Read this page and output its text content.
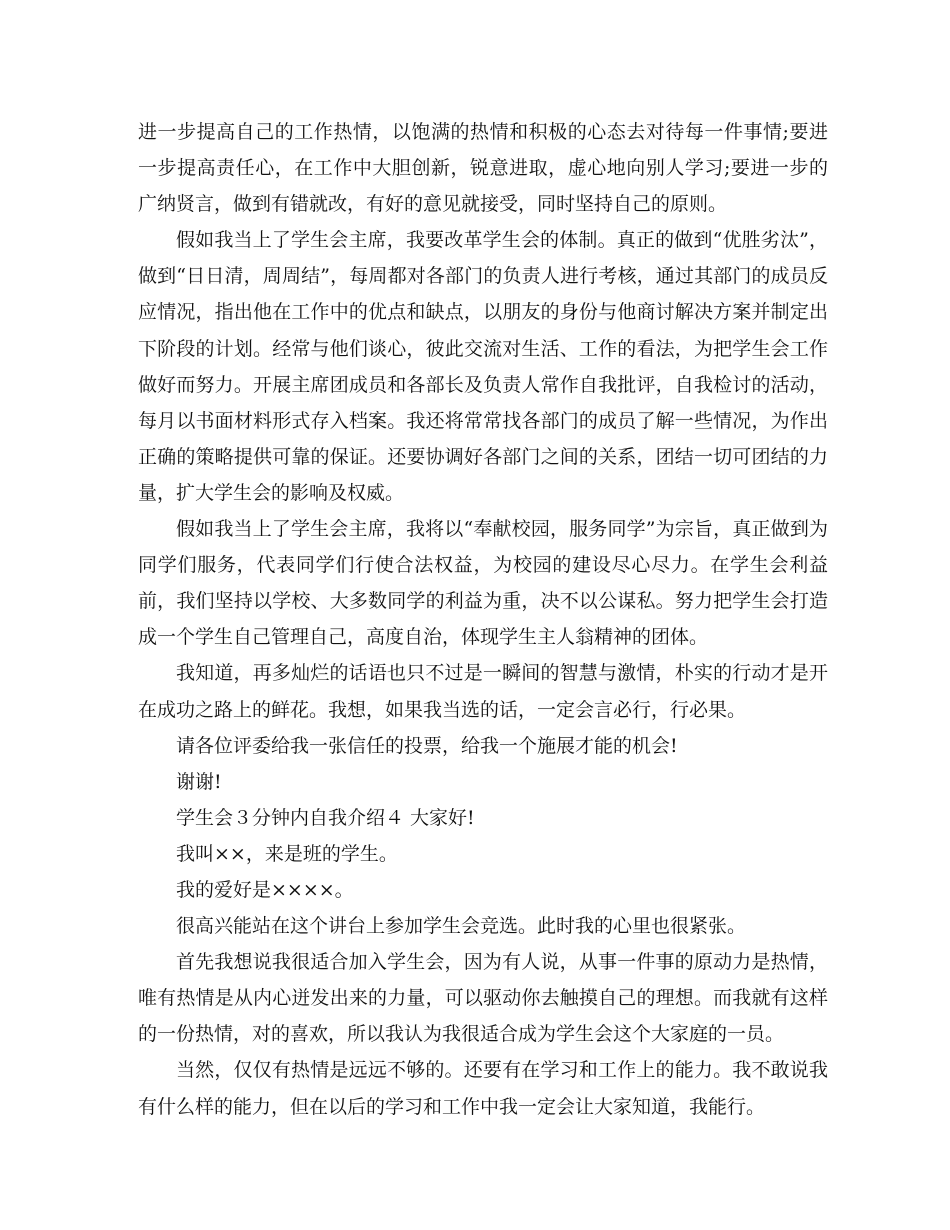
进一步提高自己的工作热情，以饱满的热情和积极的心态去对待每一件事情;要进一步提高责任心，在工作中大胆创新，锐意进取，虚心地向别人学习;要进一步的广纳贤言，做到有错就改，有好的意见就接受，同时坚持自己的原则。

假如我当上了学生会主席，我要改革学生会的体制。真正的做到“优胜劣汰”，做到“日日清，周周结”，每周都对各部门的负责人进行考核，通过其部门的成员反应情况，指出他在工作中的优点和缺点，以朋友的身份与他商讨解决方案并制定出下阶段的计划。经常与他们谈心，彼此交流对生活、工作的看法，为把学生会工作做好而努力。开展主席团成员和各部长及负责人常作自我批评，自我检讨的活动，每月以书面材料形式存入档案。我还将常常找各部门的成员了解一些情况，为作出正确的策略提供可靠的保证。还要协调好各部门之间的关系，团结一切可团结的力量，扩大学生会的影响及权威。

假如我当上了学生会主席，我将以“奉献校园，服务同学”为宗旨，真正做到为同学们服务，代表同学们行使合法权益，为校园的建设尽心尽力。在学生会利益前，我们坚持以学校、大多数同学的利益为重，决不以公谋私。努力把学生会打造成一个学生自己管理自己，高度自治，体现学生主人翁精神的团体。

我知道，再多灿烂的话语也只不过是一瞬间的智慧与激情，朴实的行动才是开在成功之路上的鲜花。我想，如果我当选的话，一定会言必行，行必果。

请各位评委给我一张信任的投票，给我一个施展才能的机会!

谢谢!

学生会３分钟内自我介绍４ 大家好!

我叫××，来是班的学生。

我的爱好是××××。

很高兴能站在这个讲台上参加学生会竞选。此时我的心里也很紧张。

首先我想说我很适合加入学生会，因为有人说，从事一件事的原动力是热情，唯有热情是从内心迸发出来的力量，可以驱动你去触摸自己的理想。而我就有这样的一份热情，对的喜欢，所以我认为我很适合成为学生会这个大家庭的一员。

当然，仅仅有热情是远远不够的。还要有在学习和工作上的能力。我不敢说我有什么样的能力，但在以后的学习和工作中我一定会让大家知道，我能行。
